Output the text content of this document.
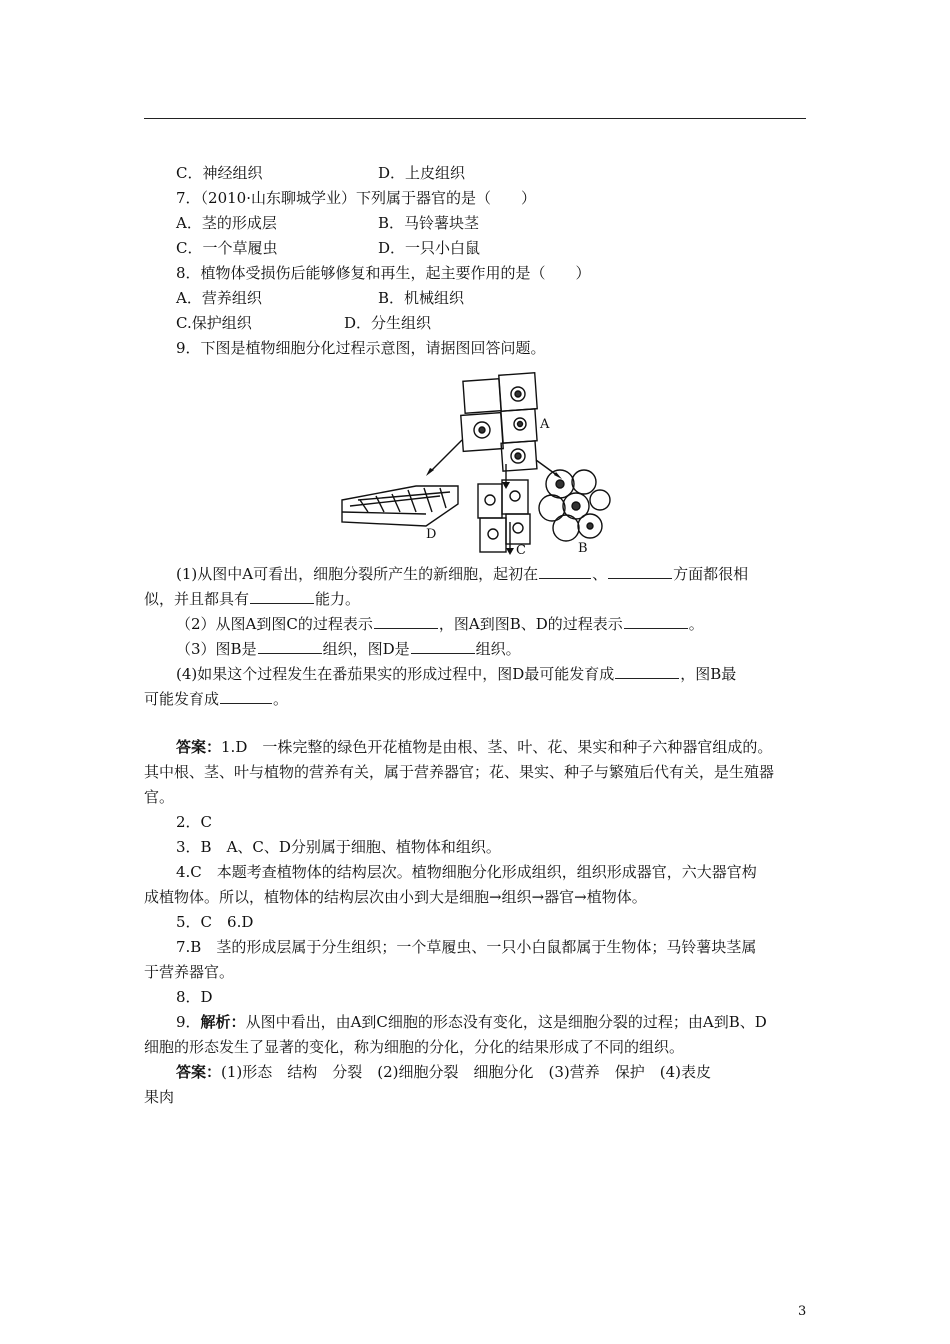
C．神经组织	D．上皮组织
7．（2010·山东聊城学业）下列属于器官的是（　　）
A．茎的形成层	B．马铃薯块茎
C．一个草履虫	D．一只小白鼠
8．植物体受损伤后能够修复和再生，起主要作用的是（　　）
A．营养组织	B．机械组织
C.保护组织	D．分生组织
9．下图是植物细胞分化过程示意图，请据图回答问题。
A
B
C
D
(1)从图中A可看出，细胞分裂所产生的新细胞，起初在	、	方面都很相
似，并且都具有	能力。
（2）从图A到图C的过程表示	，图A到图B、D的过程表示	。
（3）图B是	组织，图D是	组织。
(4)如果这个过程发生在番茄果实的形成过程中，图D最可能发育成	，图B最
可能发育成	。
答案：1.D　一株完整的绿色开花植物是由根、茎、叶、花、果实和种子六种器官组成的。
其中根、茎、叶与植物的营养有关，属于营养器官；花、果实、种子与繁殖后代有关，是生殖器
官。
2．C
3．B　A、C、D分别属于细胞、植物体和组织。
4.C　本题考查植物体的结构层次。植物细胞分化形成组织，组织形成器官，六大器官构
成植物体。所以，植物体的结构层次由小到大是细胞→组织→器官→植物体。
5．C　6.D
7.B　茎的形成层属于分生组织；一个草履虫、一只小白鼠都属于生物体；马铃薯块茎属
于营养器官。
8．D
9．解析：从图中看出，由A到C细胞的形态没有变化，这是细胞分裂的过程；由A到B、D
细胞的形态发生了显著的变化，称为细胞的分化，分化的结果形成了不同的组织。
答案：(1)形态　结构　分裂　(2)细胞分裂　细胞分化　(3)营养　保护　(4)表皮
果肉
3
